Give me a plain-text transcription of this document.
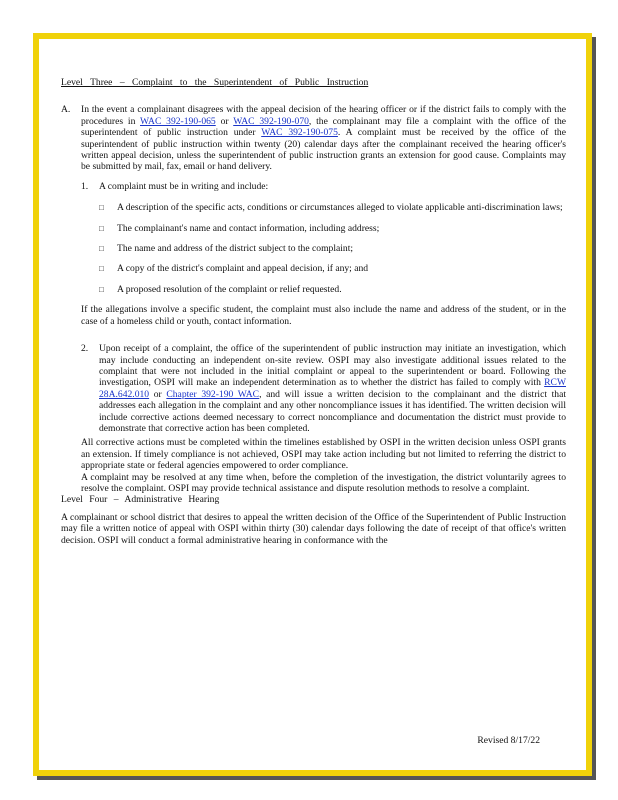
Level Three – Complaint to the Superintendent of Public Instruction
A.	In the event a complainant disagrees with the appeal decision of the hearing officer or if the district fails to comply with the procedures in WAC 392-190-065 or WAC 392-190-070, the complainant may file a complaint with the office of the superintendent of public instruction under WAC 392-190-075. A complaint must be received by the office of the superintendent of public instruction within twenty (20) calendar days after the complainant received the hearing officer's written appeal decision, unless the superintendent of public instruction grants an extension for good cause. Complaints may be submitted by mail, fax, email or hand delivery.

1.	A complaint must be in writing and include:
□	A description of the specific acts, conditions or circumstances alleged to violate applicable anti-discrimination laws;
□	The complainant's name and contact information, including address;
□	The name and address of the district subject to the complaint;
□	A copy of the district's complaint and appeal decision, if any; and
□	A proposed resolution of the complaint or relief requested.

If the allegations involve a specific student, the complaint must also include the name and address of the student, or in the case of a homeless child or youth, contact information.

2.	Upon receipt of a complaint, the office of the superintendent of public instruction may initiate an investigation, which may include conducting an independent on-site review. OSPI may also investigate additional issues related to the complaint that were not included in the initial complaint or appeal to the superintendent or board. Following the investigation, OSPI will make an independent determination as to whether the district has failed to comply with RCW 28A.642.010 or Chapter 392-190 WAC, and will issue a written decision to the complainant and the district that addresses each allegation in the complaint and any other noncompliance issues it has identified. The written decision will include corrective actions deemed necessary to correct noncompliance and documentation the district must provide to demonstrate that corrective action has been completed.

All corrective actions must be completed within the timelines established by OSPI in the written decision unless OSPI grants an extension. If timely compliance is not achieved, OSPI may take action including but not limited to referring the district to appropriate state or federal agencies empowered to order compliance.

A complaint may be resolved at any time when, before the completion of the investigation, the district voluntarily agrees to resolve the complaint. OSPI may provide technical assistance and dispute resolution methods to resolve a complaint.

Level Four – Administrative Hearing

A complainant or school district that desires to appeal the written decision of the Office of the Superintendent of Public Instruction may file a written notice of appeal with OSPI within thirty (30) calendar days following the date of receipt of that office's written decision. OSPI will conduct a formal administrative hearing in conformance with the

Revised 8/17/22
